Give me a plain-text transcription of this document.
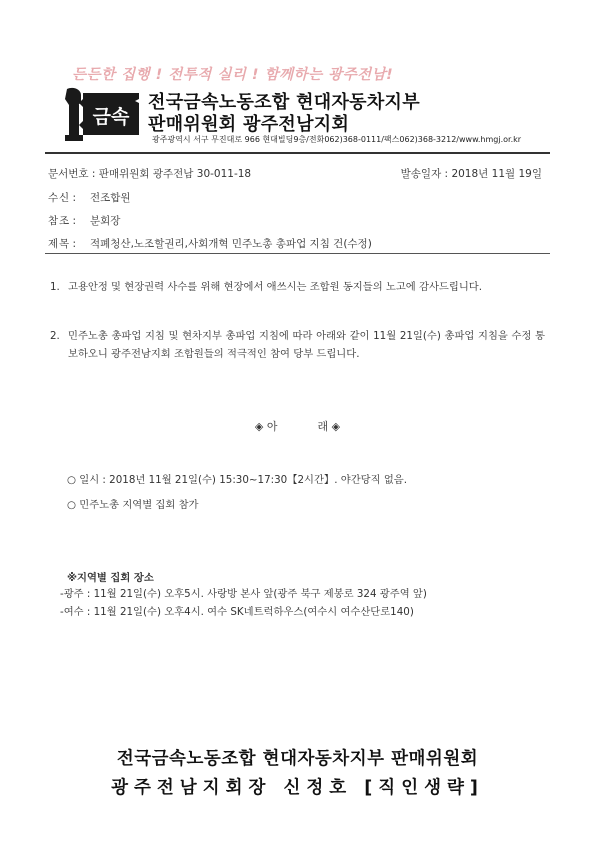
든든한 집행 ! 전투적 실리 ! 함께하는 광주전남!
금속
전국금속노동조합 현대자동차지부
판매위원회 광주전남지회
광주광역시 서구 무진대로 966 현대빌딩9층/전화062)368-0111/팩스062)368-3212/www.hmgj.or.kr
문서번호 : 판매위원회 광주전남 30-011-18	발송일자 : 2018년 11월 19일
수 신 : 전조합원
참 조 : 분회장
제 목 : 적폐청산,노조할권리,사회개혁 민주노총 총파업 지침 건(수정)
1. 고용안정 및 현장권력 사수를 위해 현장에서 애쓰시는 조합원 동지들의 노고에 감사드립니다.
2. 민주노총 총파업 지침 및 현차지부 총파업 지침에 따라 아래와 같이 11월 21일(수) 총파업 지침을 수정 통보하오니 광주전남지회 조합원들의 적극적인 참여 당부 드립니다.
◈ 아	래 ◈
○ 일시 : 2018년 11월 21일(수) 15:30~17:30【2시간】. 야간당직 없음.
○ 민주노총 지역별 집회 참가
※지역별 집회 장소
-광주 : 11월 21일(수) 오후5시. 사랑방 본사 앞(광주 북구 제봉로 324 광주역 앞)
-여수 : 11월 21일(수) 오후4시. 여수 SK네트럭하우스(여수시 여수산단로140)
전국금속노동조합 현대자동차지부 판매위원회
광주전남지회장 신정호 [직인생략]
